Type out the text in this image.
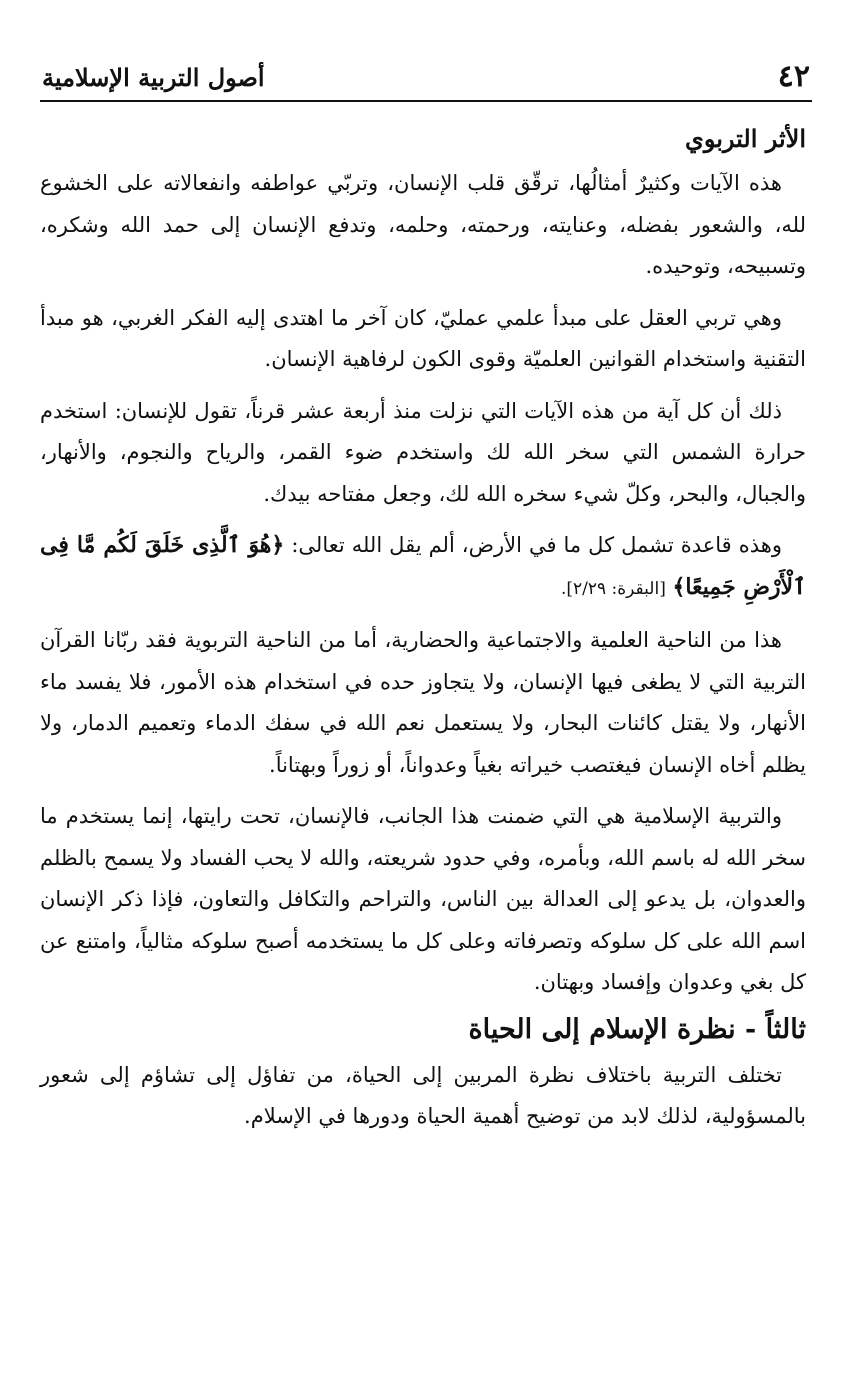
٤٢
أصول التربية الإسلامية
الأثر التربوي

هذه الآيات وكثيرٌ أمثالُها، ترقّق قلب الإنسان، وتربّي عواطفه وانفعالاته على الخشوع لله، والشعور بفضله، وعنايته، ورحمته، وحلمه، وتدفع الإنسان إلى حمد الله وشكره، وتسبيحه، وتوحيده.

وهي تربي العقل على مبدأ علمي عمليّ، كان آخر ما اهتدى إليه الفكر الغربي، هو مبدأ التقنية واستخدام القوانين العلميّة وقوى الكون لرفاهية الإنسان.

ذلك أن كل آية من هذه الآيات التي نزلت منذ أربعة عشر قرناً، تقول للإنسان: استخدم حرارة الشمس التي سخر الله لك واستخدم ضوء القمر، والرياح والنجوم، والأنهار، والجبال، والبحر، وكلّ شيء سخره الله لك، وجعل مفتاحه بيدك.

وهذه قاعدة تشمل كل ما في الأرض، ألم يقل الله تعالى: ﴿هُوَ ٱلَّذِى خَلَقَ لَكُم مَّا فِى ٱلْأَرْضِ جَمِيعًا﴾ [البقرة: ٢/٢٩].

هذا من الناحية العلمية والاجتماعية والحضارية، أما من الناحية التربوية فقد ربّانا القرآن التربية التي لا يطغى فيها الإنسان، ولا يتجاوز حده في استخدام هذه الأمور، فلا يفسد ماء الأنهار، ولا يقتل كائنات البحار، ولا يستعمل نعم الله في سفك الدماء وتعميم الدمار، ولا يظلم أخاه الإنسان فيغتصب خيراته بغياً وعدواناً، أو زوراً وبهتاناً.

والتربية الإسلامية هي التي ضمنت هذا الجانب، فالإنسان، تحت رايتها، إنما يستخدم ما سخر الله له باسم الله، وبأمره، وفي حدود شريعته، والله لا يحب الفساد ولا يسمح بالظلم والعدوان، بل يدعو إلى العدالة بين الناس، والتراحم والتكافل والتعاون، فإذا ذكر الإنسان اسم الله على كل سلوكه وتصرفاته وعلى كل ما يستخدمه أصبح سلوكه مثالياً، وامتنع عن كل بغي وعدوان وإفساد وبهتان.

ثالثاً - نظرة الإسلام إلى الحياة

تختلف التربية باختلاف نظرة المربين إلى الحياة، من تفاؤل إلى تشاؤم إلى شعور بالمسؤولية، لذلك لابد من توضيح أهمية الحياة ودورها في الإسلام.
